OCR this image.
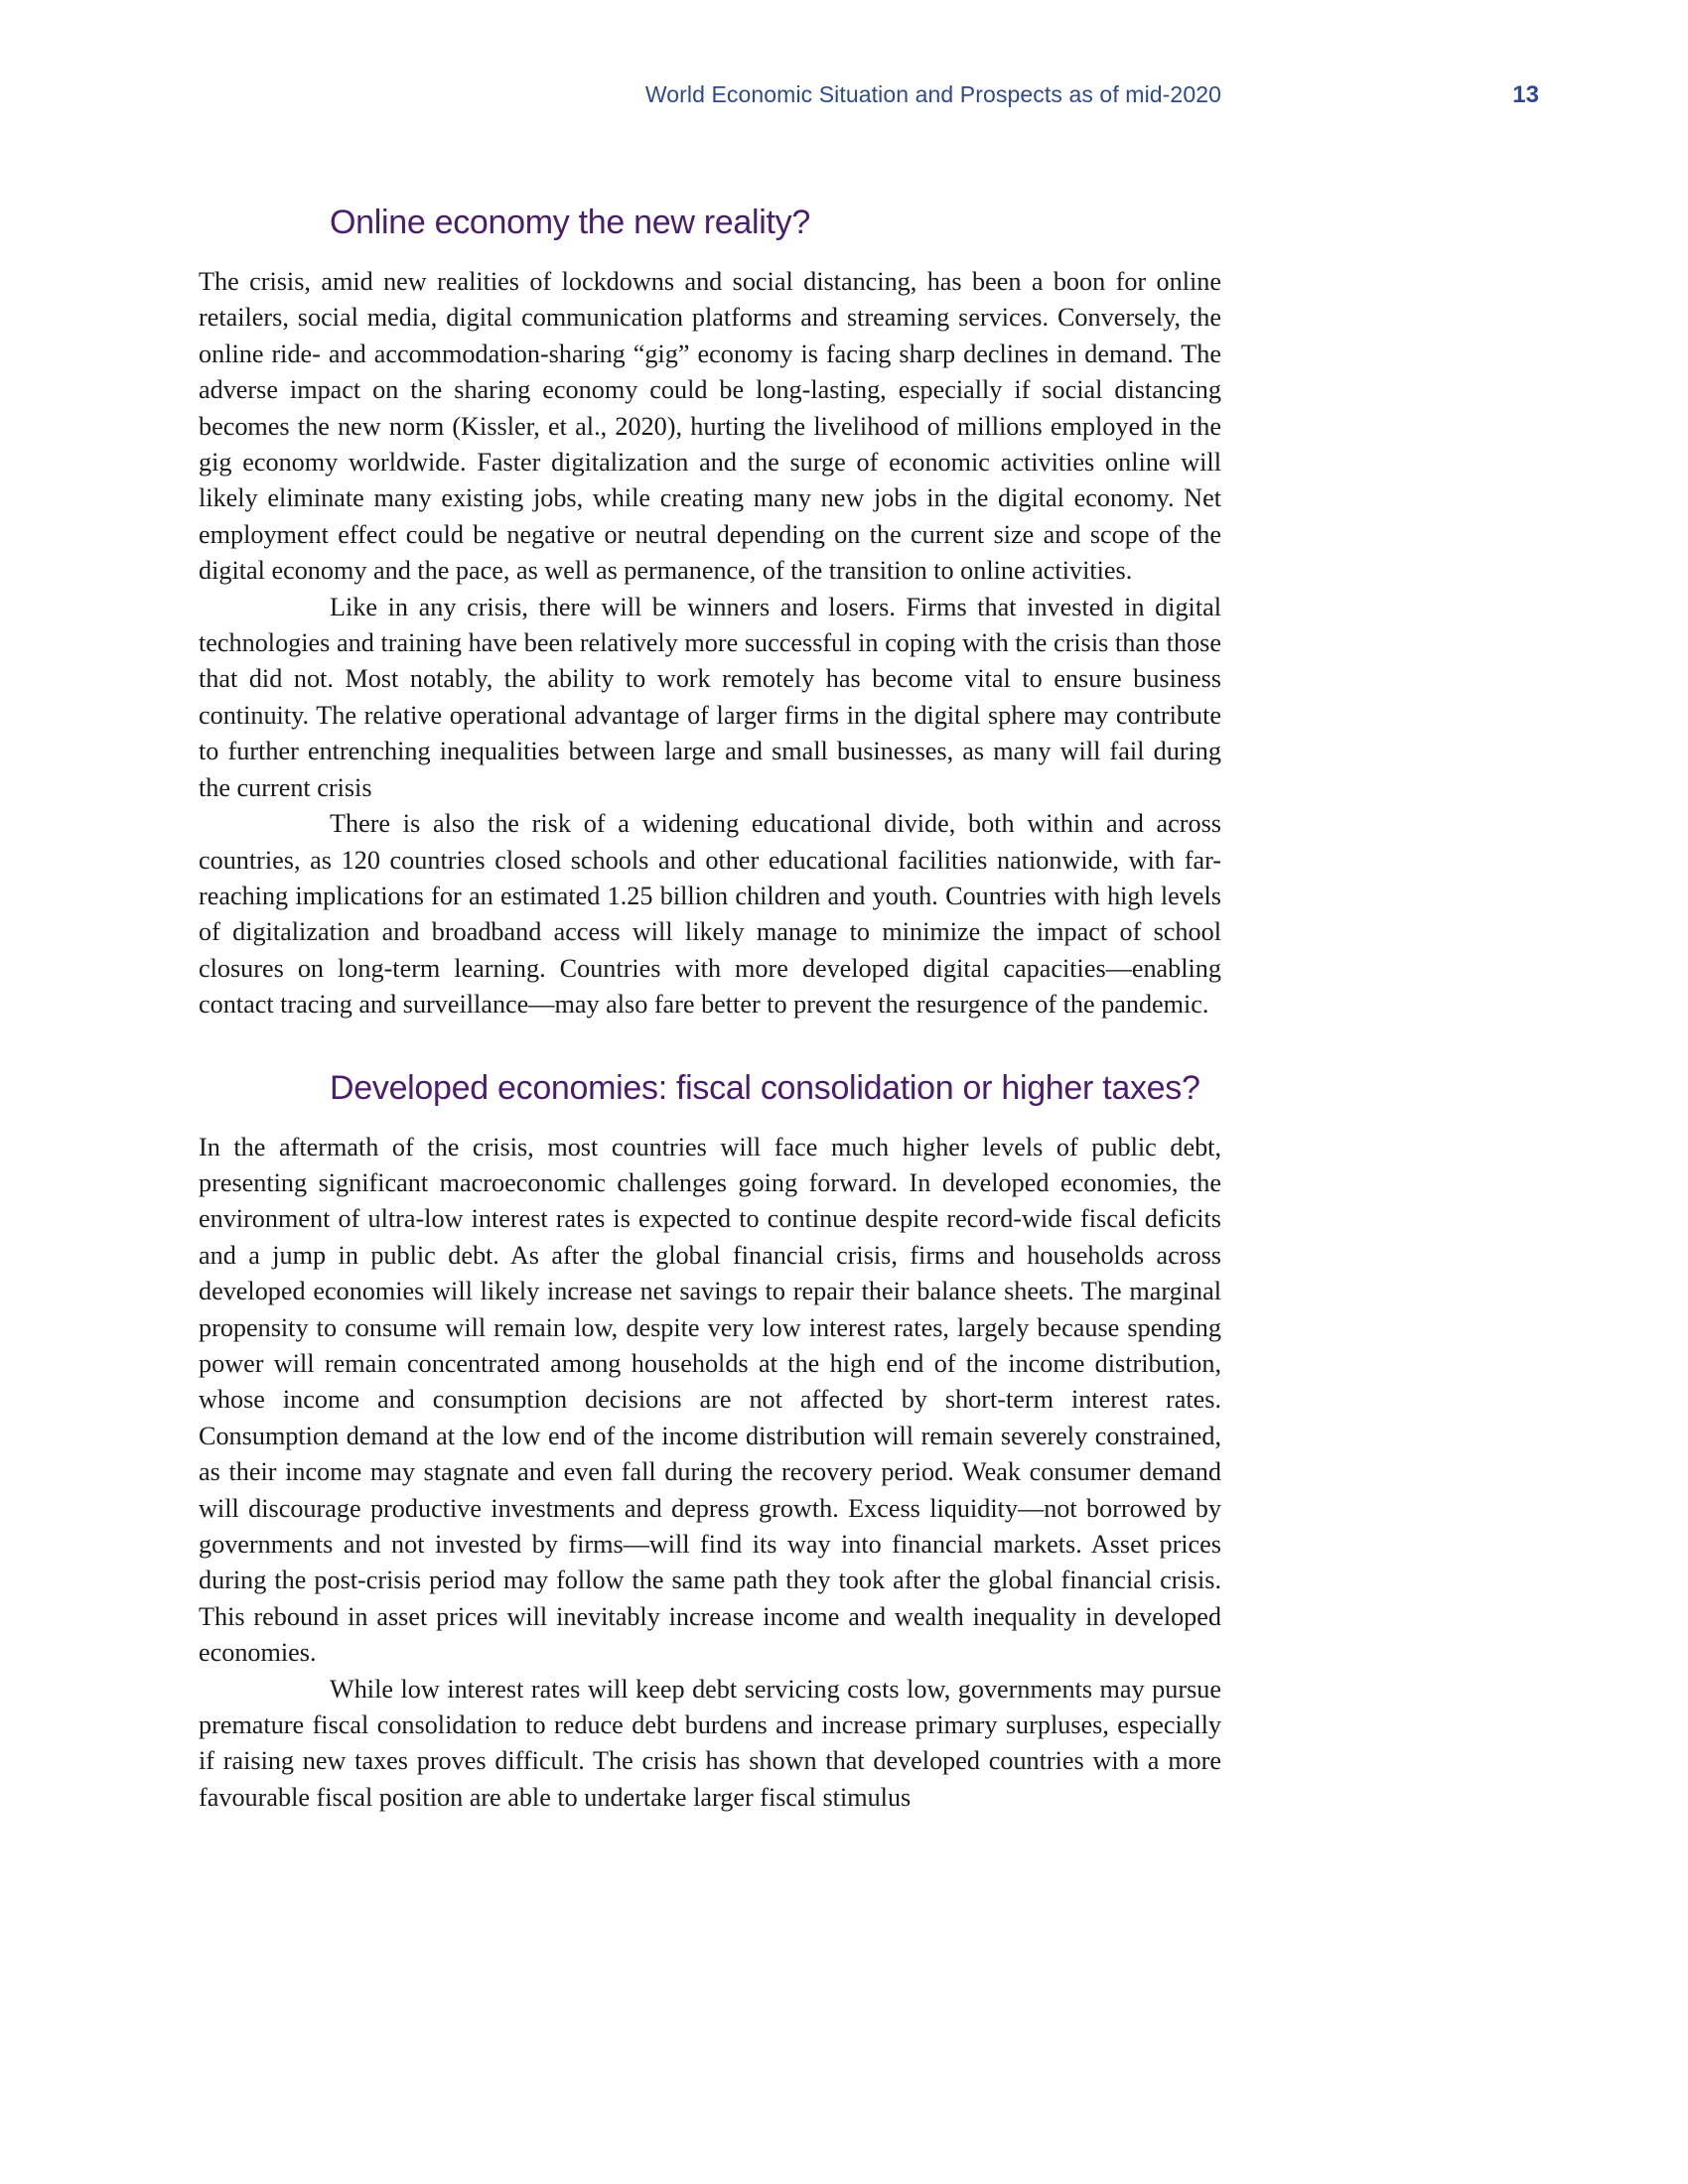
World Economic Situation and Prospects as of mid-2020	13
Online economy the new reality?

The crisis, amid new realities of lockdowns and social distancing, has been a boon for online retailers, social media, digital communication platforms and streaming services. Conversely, the online ride- and accommodation-sharing “gig” economy is facing sharp declines in demand. The adverse impact on the sharing economy could be long-lasting, especially if social distancing becomes the new norm (Kissler, et al., 2020), hurting the livelihood of millions employed in the gig economy worldwide. Faster digitalization and the surge of economic activities online will likely eliminate many existing jobs, while creating many new jobs in the digital economy. Net employment effect could be negative or neutral depending on the current size and scope of the digital economy and the pace, as well as permanence, of the transition to online activities.

Like in any crisis, there will be winners and losers. Firms that invested in digital technologies and training have been relatively more successful in coping with the crisis than those that did not. Most notably, the ability to work remotely has become vital to ensure business continuity. The relative operational advantage of larger firms in the digital sphere may contribute to further entrenching inequalities between large and small businesses, as many will fail during the current crisis

There is also the risk of a widening educational divide, both within and across countries, as 120 countries closed schools and other educational facilities nationwide, with far-reaching implications for an estimated 1.25 billion children and youth. Countries with high levels of digitalization and broadband access will likely manage to minimize the impact of school closures on long-term learning. Countries with more developed digital capacities—enabling contact tracing and surveillance—may also fare better to prevent the resurgence of the pandemic.

Developed economies: fiscal consolidation or higher taxes?

In the aftermath of the crisis, most countries will face much higher levels of public debt, presenting significant macroeconomic challenges going forward. In developed economies, the environment of ultra-low interest rates is expected to continue despite record-wide fiscal deficits and a jump in public debt. As after the global financial crisis, firms and households across developed economies will likely increase net savings to repair their balance sheets. The marginal propensity to consume will remain low, despite very low interest rates, largely because spending power will remain concentrated among households at the high end of the income distribution, whose income and consumption decisions are not affected by short-term interest rates. Consumption demand at the low end of the income distribution will remain severely constrained, as their income may stagnate and even fall during the recovery period. Weak consumer demand will discourage productive investments and depress growth. Excess liquidity—not borrowed by governments and not invested by firms—will find its way into financial markets. Asset prices during the post-crisis period may follow the same path they took after the global financial crisis. This rebound in asset prices will inevitably increase income and wealth inequality in developed economies.

While low interest rates will keep debt servicing costs low, governments may pursue premature fiscal consolidation to reduce debt burdens and increase primary surpluses, especially if raising new taxes proves difficult. The crisis has shown that developed countries with a more favourable fiscal position are able to undertake larger fiscal stimulus
